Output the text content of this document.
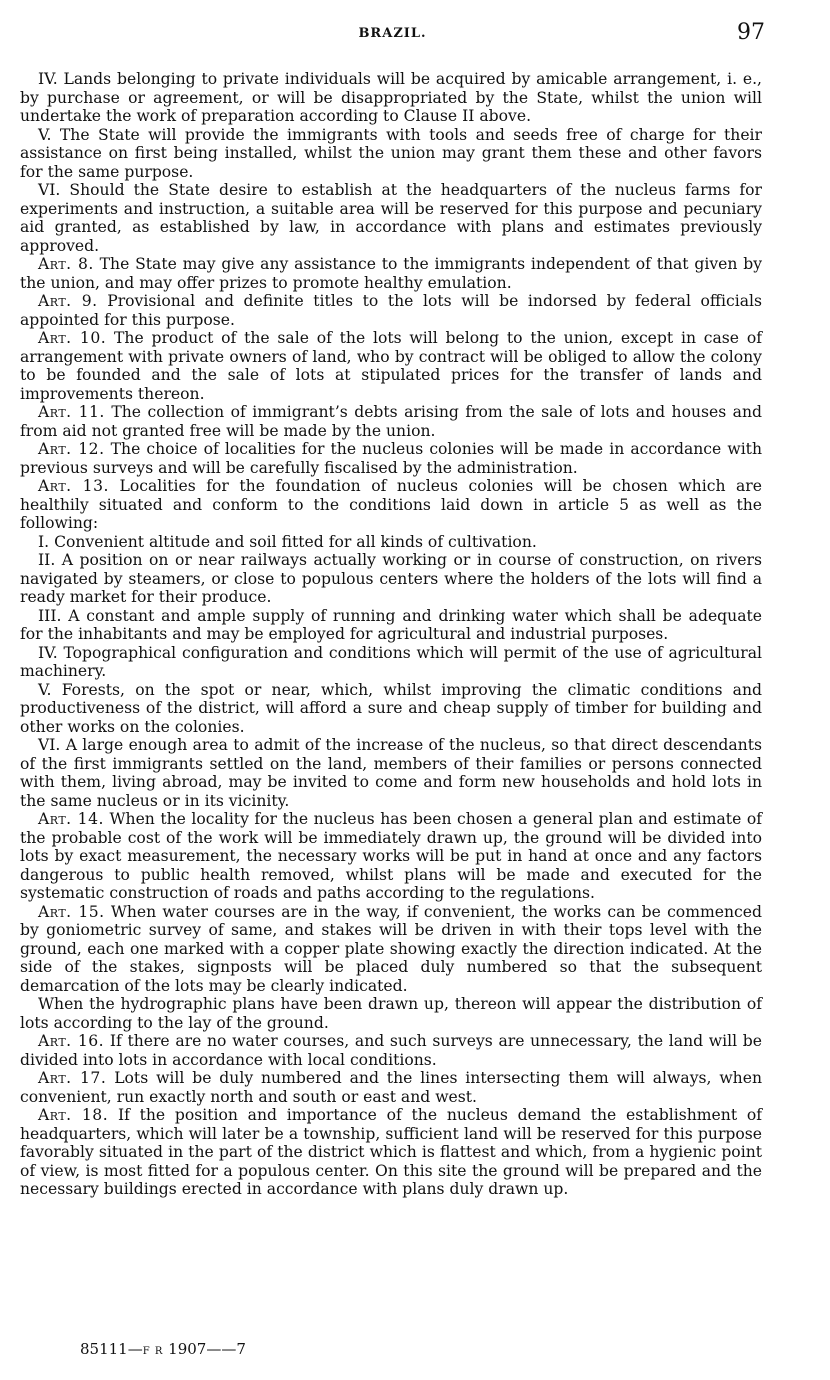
BRAZIL.	97

IV. Lands belonging to private individuals will be acquired by amicable arrangement, i. e., by purchase or agreement, or will be disappropriated by the State, whilst the union will undertake the work of preparation according to Clause II above.

V. The State will provide the immigrants with tools and seeds free of charge for their assistance on first being installed, whilst the union may grant them these and other favors for the same purpose.

VI. Should the State desire to establish at the headquarters of the nucleus farms for experiments and instruction, a suitable area will be reserved for this purpose and pecuniary aid granted, as established by law, in accordance with plans and estimates previously approved.

Art. 8. The State may give any assistance to the immigrants independent of that given by the union, and may offer prizes to promote healthy emulation.

Art. 9. Provisional and definite titles to the lots will be indorsed by federal officials appointed for this purpose.

Art. 10. The product of the sale of the lots will belong to the union, except in case of arrangement with private owners of land, who by contract will be obliged to allow the colony to be founded and the sale of lots at stipulated prices for the transfer of lands and improvements thereon.

Art. 11. The collection of immigrant’s debts arising from the sale of lots and houses and from aid not granted free will be made by the union.

Art. 12. The choice of localities for the nucleus colonies will be made in accordance with previous surveys and will be carefully fiscalised by the administration.

Art. 13. Localities for the foundation of nucleus colonies will be chosen which are healthily situated and conform to the conditions laid down in article 5 as well as the following:

I. Convenient altitude and soil fitted for all kinds of cultivation.

II. A position on or near railways actually working or in course of construction, on rivers navigated by steamers, or close to populous centers where the holders of the lots will find a ready market for their produce.

III. A constant and ample supply of running and drinking water which shall be adequate for the inhabitants and may be employed for agricultural and industrial purposes.

IV. Topographical configuration and conditions which will permit of the use of agricultural machinery.

V. Forests, on the spot or near, which, whilst improving the climatic conditions and productiveness of the district, will afford a sure and cheap supply of timber for building and other works on the colonies.

VI. A large enough area to admit of the increase of the nucleus, so that direct descendants of the first immigrants settled on the land, members of their families or persons connected with them, living abroad, may be invited to come and form new households and hold lots in the same nucleus or in its vicinity.

Art. 14. When the locality for the nucleus has been chosen a general plan and estimate of the probable cost of the work will be immediately drawn up, the ground will be divided into lots by exact measurement, the necessary works will be put in hand at once and any factors dangerous to public health removed, whilst plans will be made and executed for the systematic construction of roads and paths according to the regulations.

Art. 15. When water courses are in the way, if convenient, the works can be commenced by goniometric survey of same, and stakes will be driven in with their tops level with the ground, each one marked with a copper plate showing exactly the direction indicated. At the side of the stakes, signposts will be placed duly numbered so that the subsequent demarcation of the lots may be clearly indicated.

When the hydrographic plans have been drawn up, thereon will appear the distribution of lots according to the lay of the ground.

Art. 16. If there are no water courses, and such surveys are unnecessary, the land will be divided into lots in accordance with local conditions.

Art. 17. Lots will be duly numbered and the lines intersecting them will always, when convenient, run exactly north and south or east and west.

Art. 18. If the position and importance of the nucleus demand the establishment of headquarters, which will later be a township, sufficient land will be reserved for this purpose favorably situated in the part of the district which is flattest and which, from a hygienic point of view, is most fitted for a populous center. On this site the ground will be prepared and the necessary buildings erected in accordance with plans duly drawn up.

85111—F R 1907——7
